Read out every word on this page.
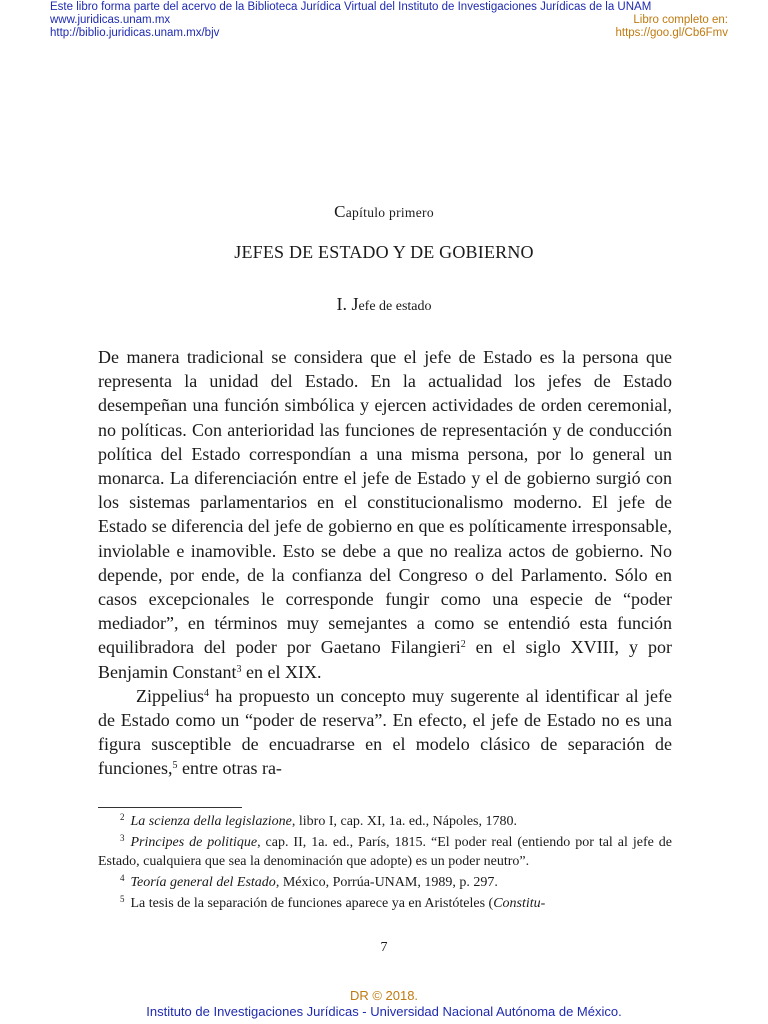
Este libro forma parte del acervo de la Biblioteca Jurídica Virtual del Instituto de Investigaciones Jurídicas de la UNAM
www.juridicas.unam.mx
http://biblio.juridicas.unam.mx/bjv
Libro completo en:
https://goo.gl/Cb6Fmv
Capítulo primero
JEFES DE ESTADO Y DE GOBIERNO
I. Jefe de estado

De manera tradicional se considera que el jefe de Estado es la persona que representa la unidad del Estado. En la actualidad los jefes de Estado desempeñan una función simbólica y ejercen actividades de orden ceremonial, no políticas. Con anterioridad las funciones de representación y de conducción política del Estado correspondían a una misma persona, por lo general un monarca. La diferenciación entre el jefe de Estado y el de gobierno surgió con los sistemas parlamentarios en el constitucionalismo moderno. El jefe de Estado se diferencia del jefe de gobierno en que es políticamente irresponsable, inviolable e inamovible. Esto se debe a que no realiza actos de gobierno. No depende, por ende, de la confianza del Congreso o del Parlamento. Sólo en casos excepcionales le corresponde fungir como una especie de “poder mediador”, en términos muy semejantes a como se entendió esta función equilibradora del poder por Gaetano Filangieri$^2$ en el siglo XVIII, y por Benjamin Constant$^3$ en el XIX.

Zippelius$^4$ ha propuesto un concepto muy sugerente al identificar al jefe de Estado como un “poder de reserva”. En efecto, el jefe de Estado no es una figura susceptible de encuadrarse en el modelo clásico de separación de funciones,$^5$ entre otras ra-

$^2$ La scienza della legislazione, libro I, cap. XI, 1a. ed., Nápoles, 1780.

$^3$ Principes de politique, cap. II, 1a. ed., París, 1815. “El poder real (entiendo por tal al jefe de Estado, cualquiera que sea la denominación que adopte) es un poder neutro”.

$^4$ Teoría general del Estado, México, Porrúa-UNAM, 1989, p. 297.

$^5$ La tesis de la separación de funciones aparece ya en Aristóteles (Constitu-

7
DR © 2018.
Instituto de Investigaciones Jurídicas - Universidad Nacional Autónoma de México.
